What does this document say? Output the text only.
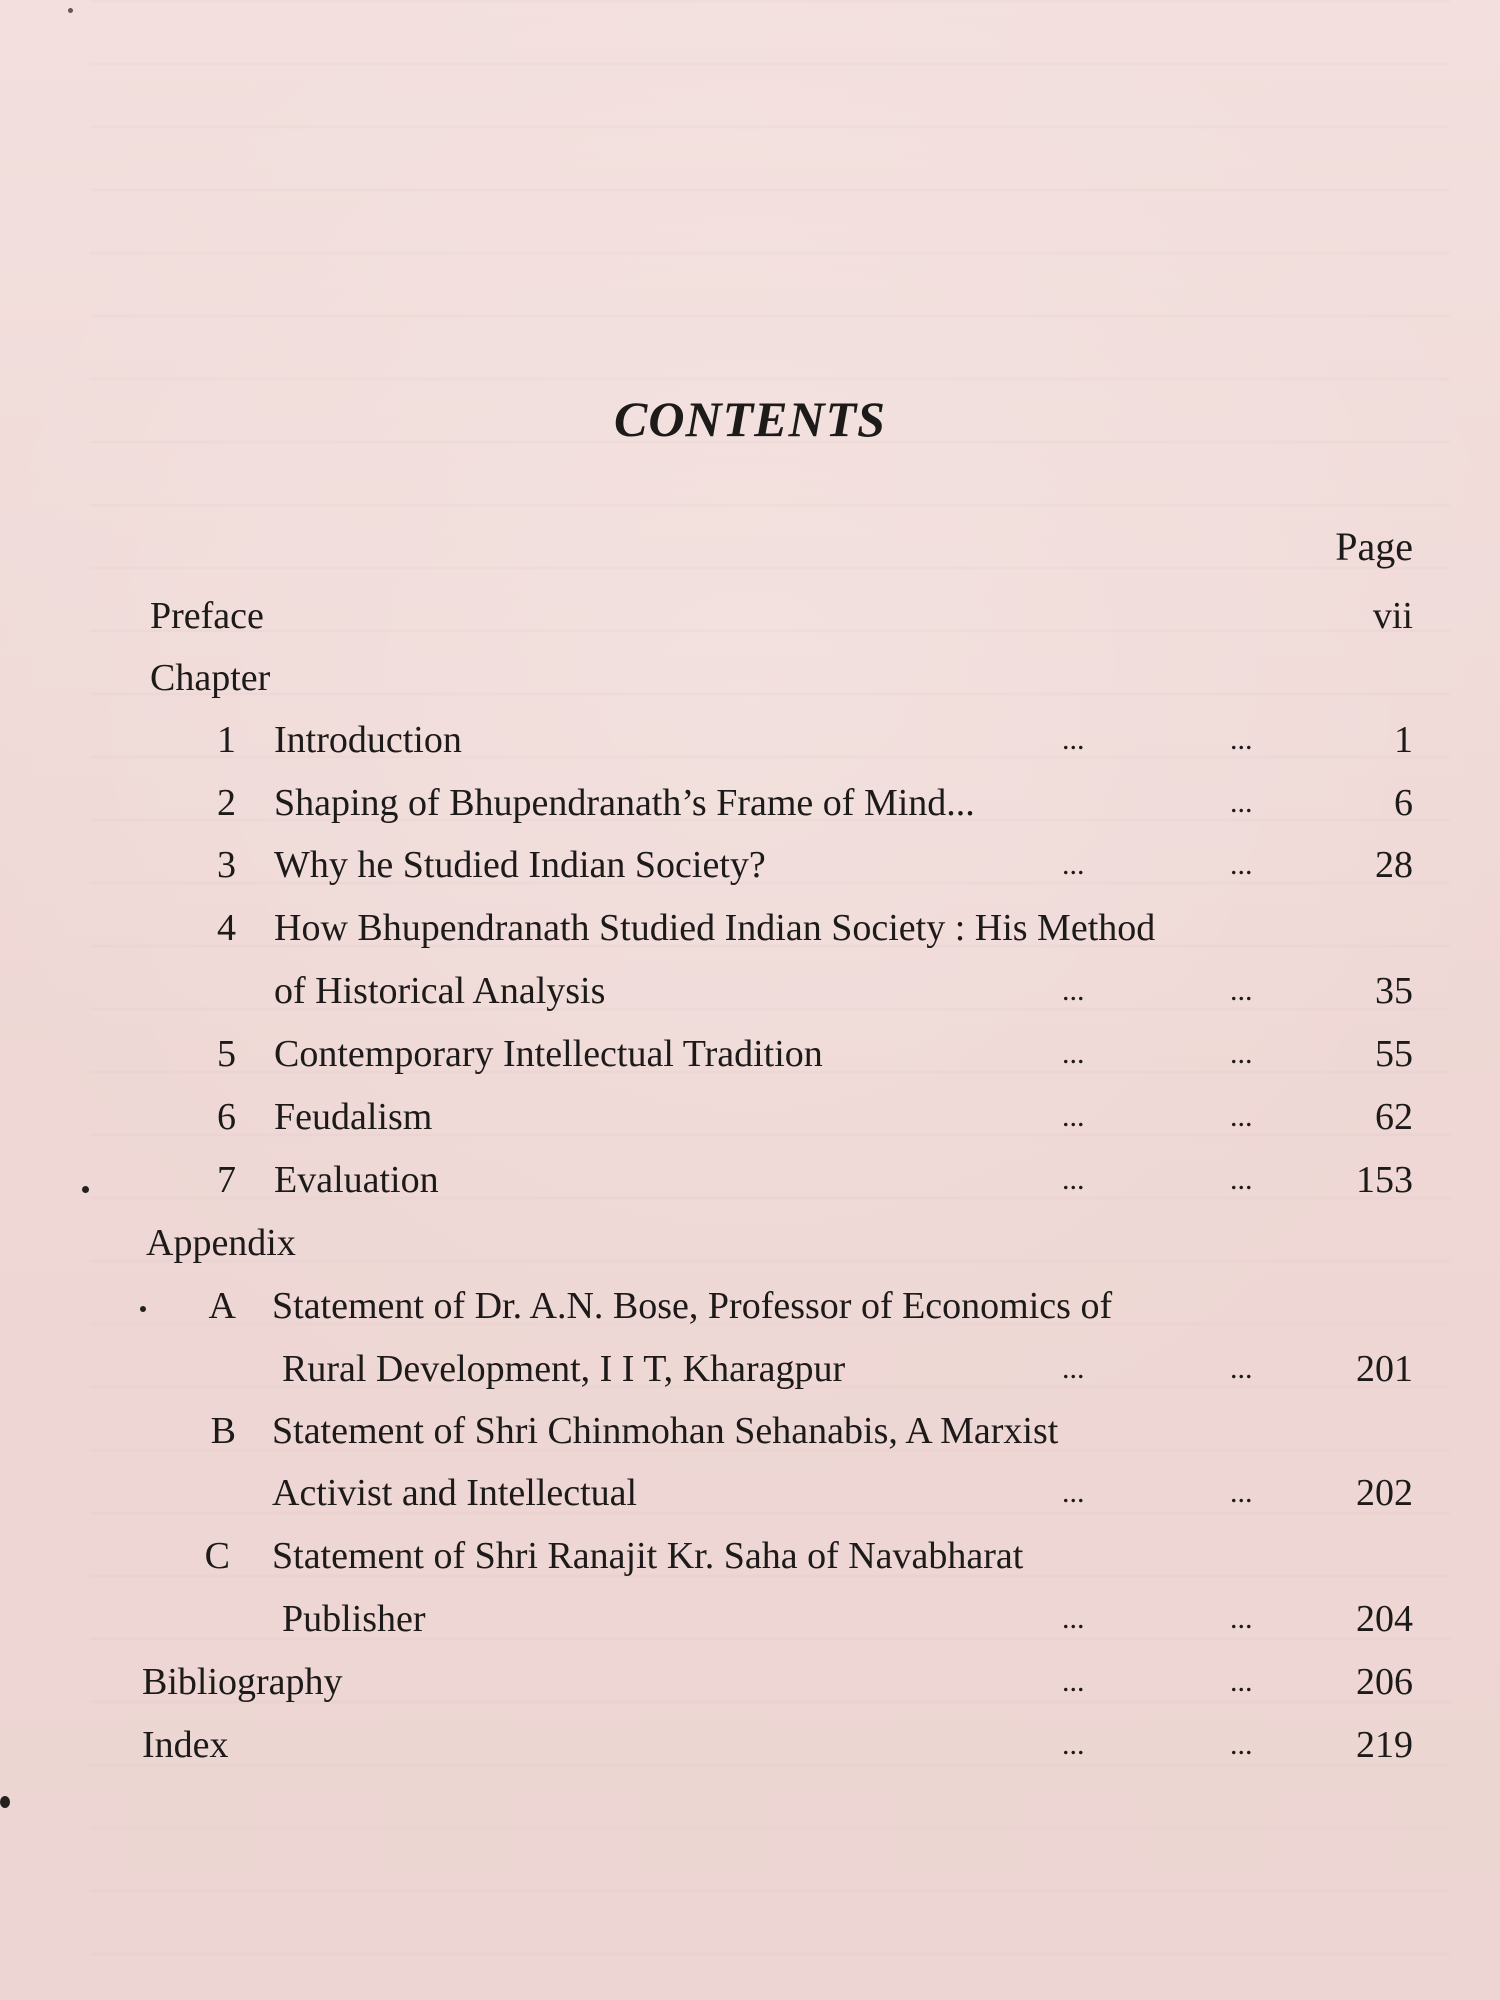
CONTENTS
Page
Preface	vii
Chapter
1 Introduction	...	...	1
2 Shaping of Bhupendranath’s Frame of Mind...	...	6
3 Why he Studied Indian Society?	...	...	28
4 How Bhupendranath Studied Indian Society : His Method
of Historical Analysis	...	...	35
5 Contemporary Intellectual Tradition	...	...	55
6 Feudalism	...	...	62
7 Evaluation	...	...	153
Appendix
A Statement of Dr. A.N. Bose, Professor of Economics of
Rural Development, I I T, Kharagpur	...	...	201
B Statement of Shri Chinmohan Sehanabis, A Marxist
Activist and Intellectual	...	...	202
C Statement of Shri Ranajit Kr. Saha of Navabharat
Publisher	...	...	204
Bibliography	...	...	206
Index	...	...	219
